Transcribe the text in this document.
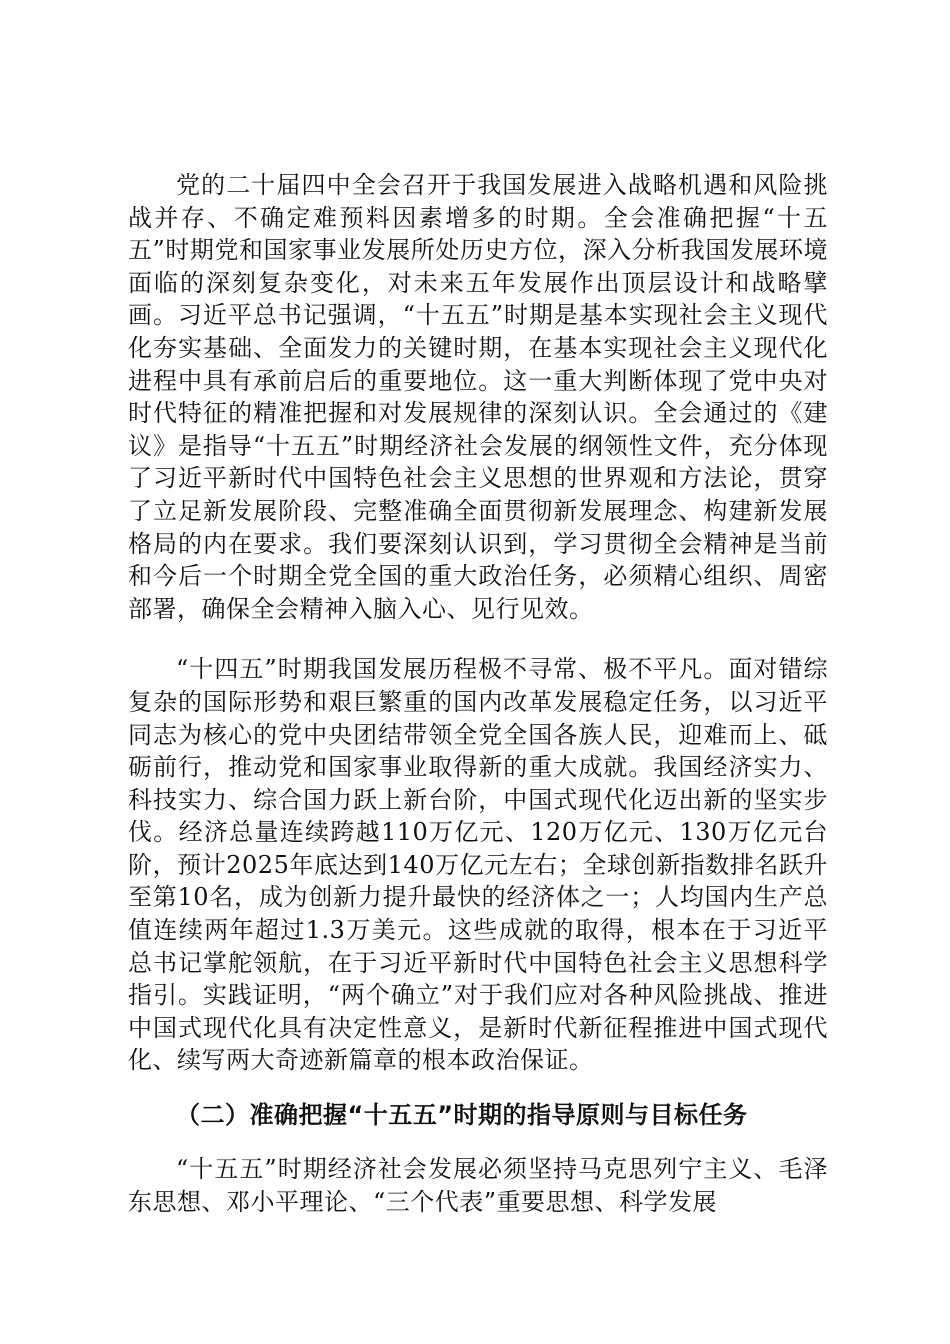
党的二十届四中全会召开于我国发展进入战略机遇和风险挑战并存、不确定难预料因素增多的时期。全会准确把握“十五五”时期党和国家事业发展所处历史方位，深入分析我国发展环境面临的深刻复杂变化，对未来五年发展作出顶层设计和战略擘画。习近平总书记强调，“十五五”时期是基本实现社会主义现代化夯实基础、全面发力的关键时期，在基本实现社会主义现代化进程中具有承前启后的重要地位。这一重大判断体现了党中央对时代特征的精准把握和对发展规律的深刻认识。全会通过的《建议》是指导“十五五”时期经济社会发展的纲领性文件，充分体现了习近平新时代中国特色社会主义思想的世界观和方法论，贯穿了立足新发展阶段、完整准确全面贯彻新发展理念、构建新发展格局的内在要求。我们要深刻认识到，学习贯彻全会精神是当前和今后一个时期全党全国的重大政治任务，必须精心组织、周密部署，确保全会精神入脑入心、见行见效。

“十四五”时期我国发展历程极不寻常、极不平凡。面对错综复杂的国际形势和艰巨繁重的国内改革发展稳定任务，以习近平同志为核心的党中央团结带领全党全国各族人民，迎难而上、砥砺前行，推动党和国家事业取得新的重大成就。我国经济实力、科技实力、综合国力跃上新台阶，中国式现代化迈出新的坚实步伐。经济总量连续跨越110万亿元、120万亿元、130万亿元台阶，预计2025年底达到140万亿元左右；全球创新指数排名跃升至第10名，成为创新力提升最快的经济体之一；人均国内生产总值连续两年超过1.3万美元。这些成就的取得，根本在于习近平总书记掌舵领航，在于习近平新时代中国特色社会主义思想科学指引。实践证明，“两个确立”对于我们应对各种风险挑战、推进中国式现代化具有决定性意义，是新时代新征程推进中国式现代化、续写两大奇迹新篇章的根本政治保证。

（二）准确把握“十五五”时期的指导原则与目标任务

“十五五”时期经济社会发展必须坚持马克思列宁主义、毛泽东思想、邓小平理论、“三个代表”重要思想、科学发展
